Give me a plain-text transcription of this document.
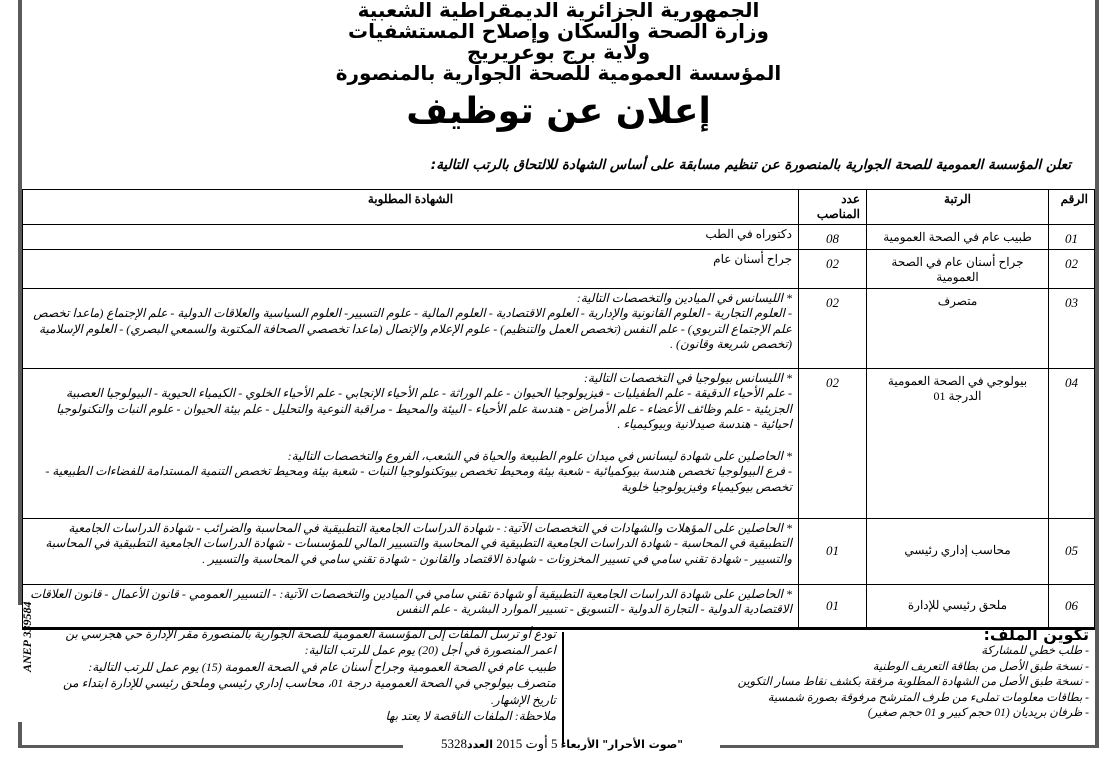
الجمهورية الجزائرية الديمقراطية الشعبية
وزارة الصحة والسكان وإصلاح المستشفيات
ولاية برج بوعريريج
المؤسسة العمومية للصحة الجوارية بالمنصورة
إعلان عن توظيف
تعلن المؤسسة العمومية للصحة الجوارية بالمنصورة عن تنظيم مسابقة على أساس الشهادة للالتحاق بالرتب التالية:
الرقم	الرتبة	عدد المناصب	الشهادة المطلوبة
01	طبيب عام في الصحة العمومية	08	دكتوراه في الطب

02	جراح أسنان عام في الصحة العمومية	02	جراح أسنان عام

03	متصرف	02	* الليسانس في الميادين والتخصصات التالية:
- العلوم التجارية - العلوم القانونية والإدارية - العلوم الاقتصادية - العلوم المالية - علوم التسيير- العلوم السياسية والعلاقات الدولية - علم الإجتماع (ماعدا تخصص علم الإجتماع التربوي) - علم النفس (تخصص العمل والتنظيم) - علوم الإعلام والإتصال (ماعدا تخصصي الصحافة المكتوبة والسمعي البصري) - العلوم الإسلامية (تخصص شريعة وقانون) .

04	بيولوجي في الصحة العمومية الدرجة 01	02	* الليسانس بيولوجيا في التخصصات التالية:
- علم الأحياء الدقيقة - علم الطفيليات - فيزيولوجيا الحيوان - علم الوراثة - علم الأحياء الإنجابي - علم الأحياء الخلوي - الكيمياء الحيوية - البيولوجيا العصبية الجزيئية - علم وظائف الأعضاء - علم الأمراض - هندسة علم الأحياء - البيئة والمحيط - مراقبة النوعية والتحليل - علم بيئة الحيوان - علوم النبات والتكنولوجيا احيائية - هندسة صيدلانية وبيوكيمياء .
* الحاصلين على شهادة ليسانس في ميدان علوم الطبيعة والحياة في الشعب، الفروع والتخصصات التالية:
- فرع البيولوجيا تخصص هندسة بيوكميائية - شعبة بيئة ومحيط تخصص بيوتكنولوجيا النبات - شعبة بيئة ومحيط تخصص التنمية المستدامة للفضاءات الطبيعية - تخصص بيوكيمياء وفيزيولوجيا خلوية

05	محاسب إداري رئيسي	01	* الحاصلين على المؤهلات والشهادات في التخصصات الآتية: - شهادة الدراسات الجامعية التطبيقية في المحاسبة والضرائب - شهادة الدراسات الجامعية التطبيقية في المحاسبة - شهادة الدراسات الجامعية التطبيقية في المحاسبة والتسيير المالي للمؤسسات - شهادة الدراسات الجامعية التطبيقية في المحاسبة والتسيير - شهادة تقني سامي في تسيير المخزونات - شهادة الاقتصاد والقانون - شهادة تقني سامي في المحاسبة والتسيير .

06	ملحق رئيسي للإدارة	01	* الحاصلين على شهادة الدراسات الجامعية التطبيقية أو شهادة تقني سامي في الميادين والتخصصات الآتية: - التسيير العمومي - قانون الأعمال - قانون العلاقات الاقتصادية الدولية - التجارة الدولية - التسويق - تسيير الموارد البشرية - علم النفس
تكوين الملف:
- طلب خطي للمشاركة
- نسخة طبق الأصل من بطاقة التعريف الوطنية
- نسخة طبق الأصل من الشهادة المطلوبة مرفقة بكشف نقاط مسار التكوين
- بطاقات معلومات تملىء من طرف المترشح مرفوقة بصورة شمسية
- ظرفان بريديان (01 حجم كبير و 01 حجم صغير)
تودع أو ترسل الملفات إلى المؤسسة العمومية للصحة الجوارية بالمنصورة مقر الإدارة حي هجرسي بن اعمر المنصورة في أجل (20) يوم عمل للرتب التالية:
طبيب عام في الصحة العمومية وجراح أسنان عام في الصحة العمومة (15) يوم عمل للرتب التالية:
متصرف بيولوجي في الصحة العمومية درجة 01، محاسب إداري رئيسي وملحق رئيسي للإدارة ابتداء من تاريخ الإشهار.
ملاحظة: الملفات الناقصة لا يعتد بها
ANEP 339584
"صوت الأحرار" الأربعاء 5 أوت 2015 العدد5328
